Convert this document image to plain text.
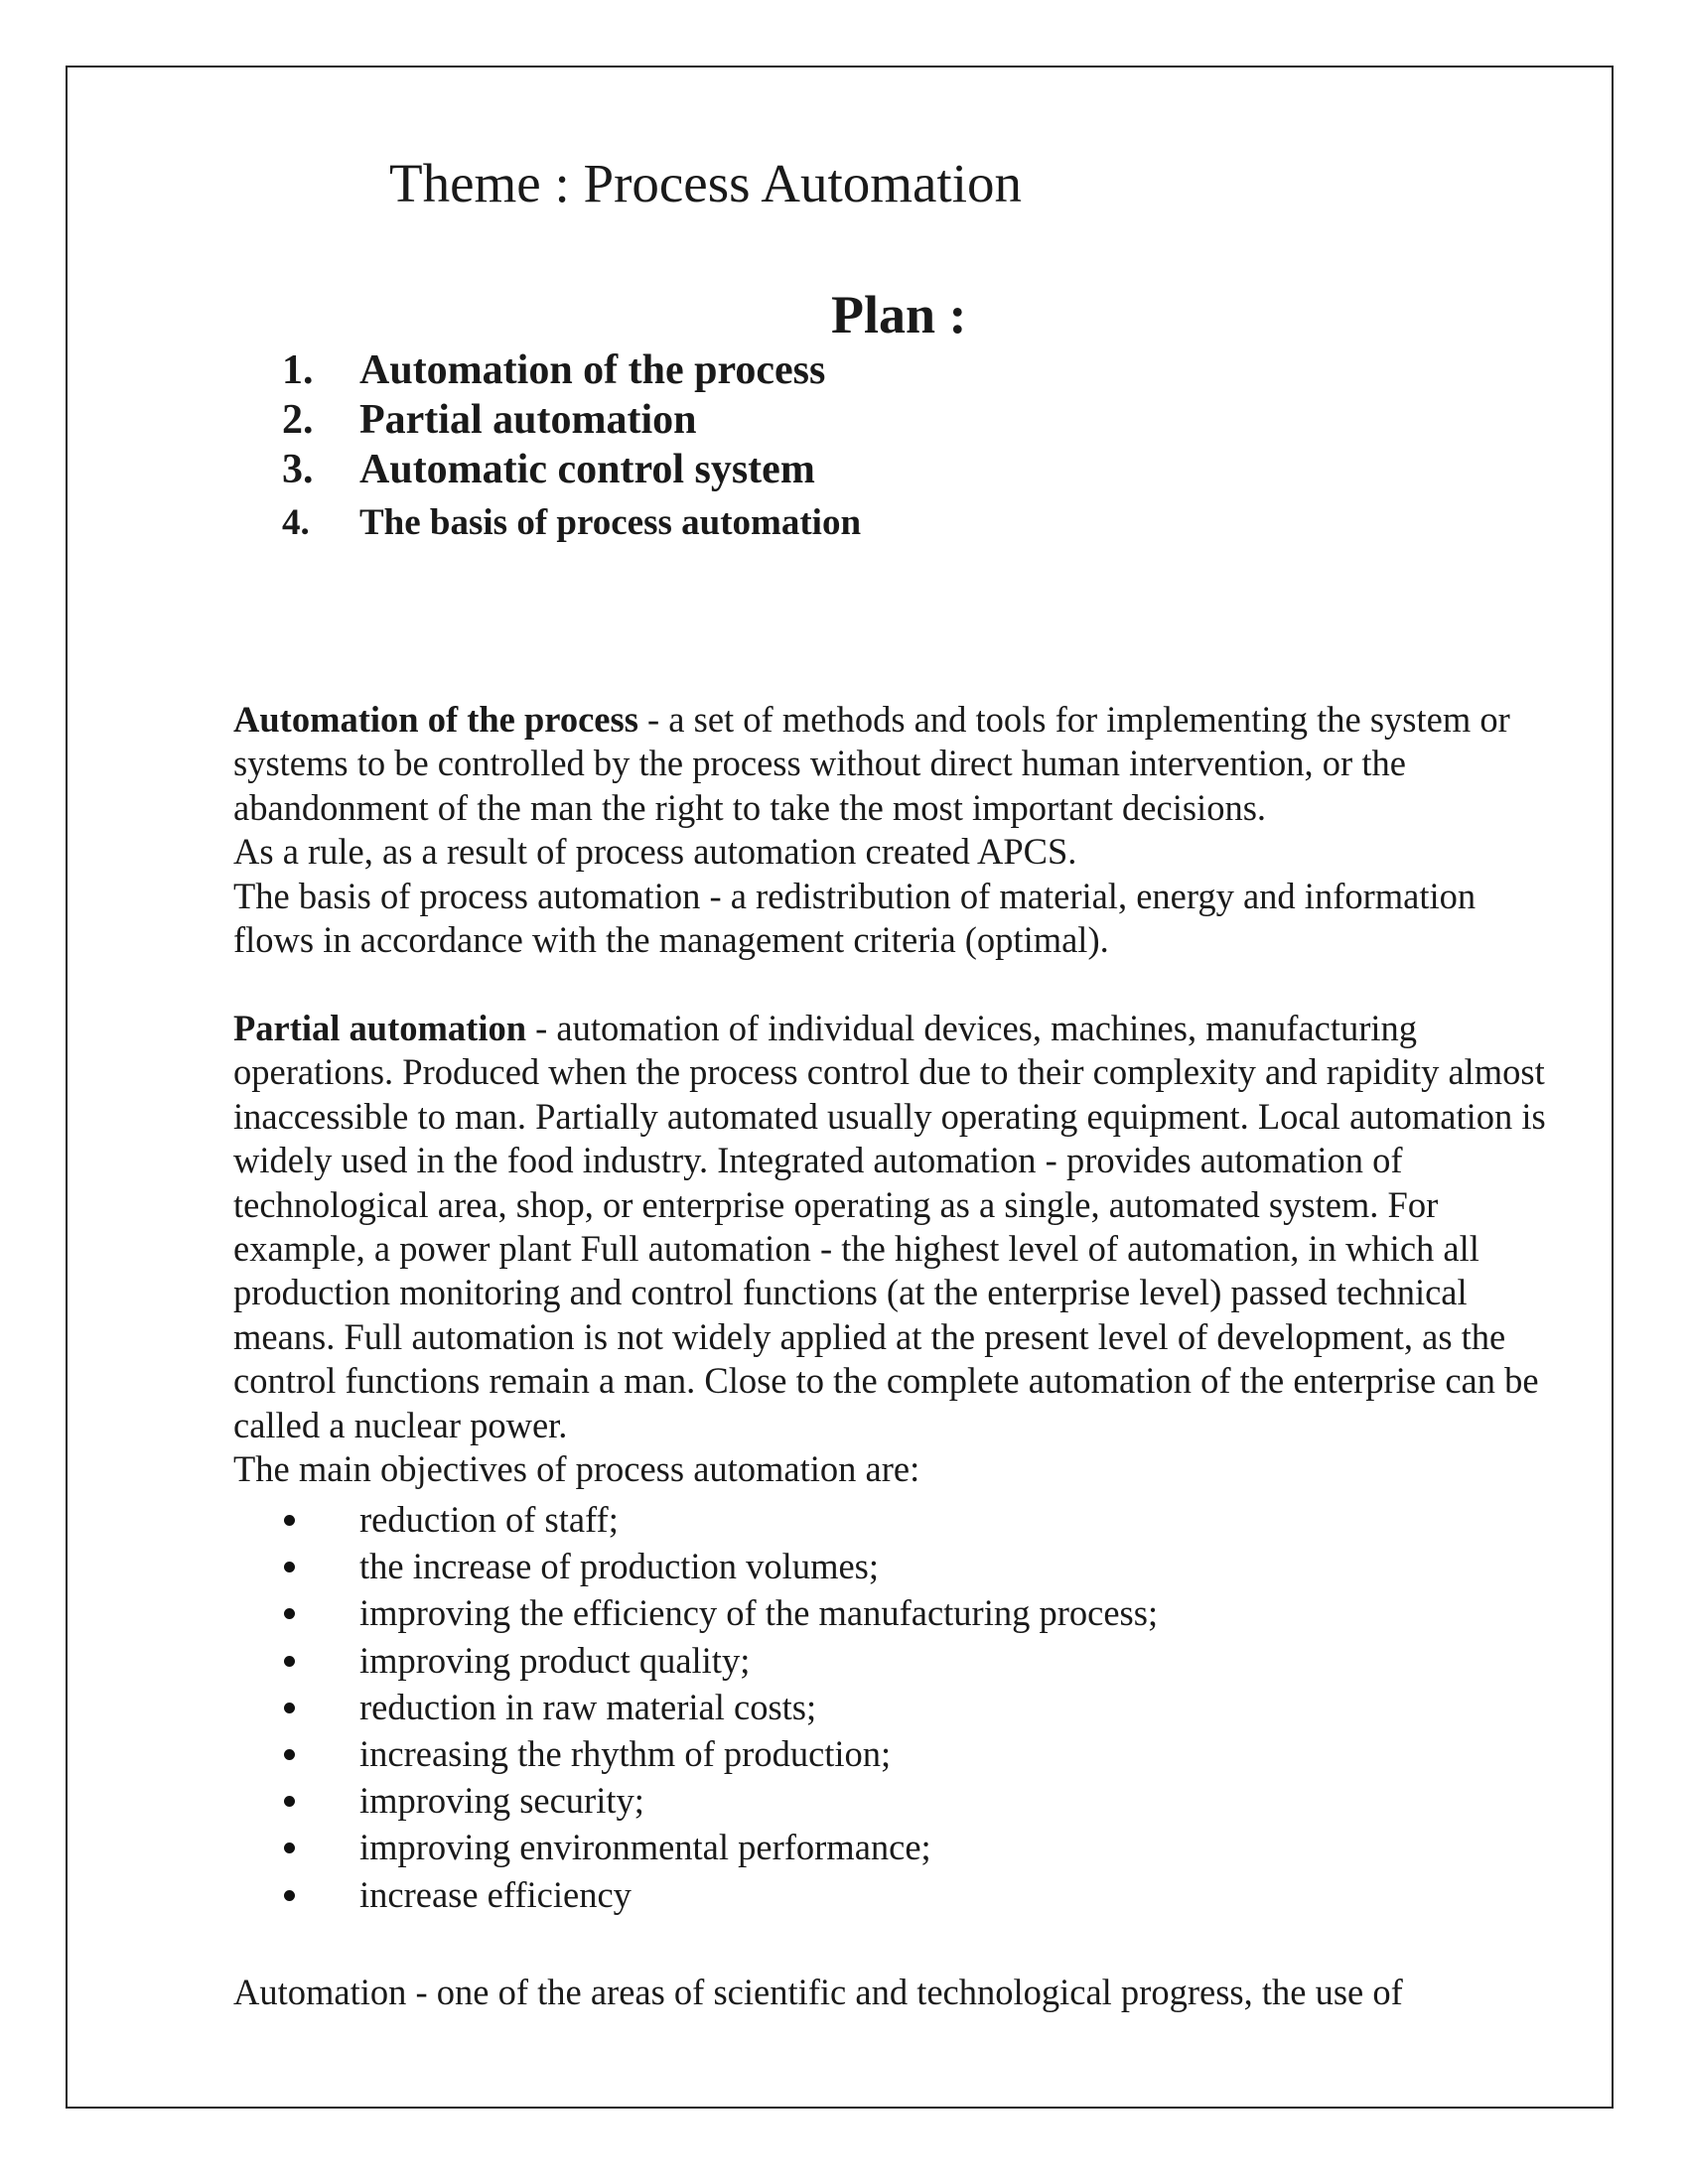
Theme : Process Automation
Plan :
1. Automation of the process
2. Partial automation
3. Automatic control system
4. The basis of process automation

Automation of the process - a set of methods and tools for implementing the system or systems to be controlled by the process without direct human intervention, or the abandonment of the man the right to take the most important decisions.

As a rule, as a result of process automation created APCS.

The basis of process automation - a redistribution of material, energy and information flows in accordance with the management criteria (optimal).

Partial automation - automation of individual devices, machines, manufacturing operations. Produced when the process control due to their complexity and rapidity almost inaccessible to man. Partially automated usually operating equipment. Local automation is widely used in the food industry. Integrated automation - provides automation of technological area, shop, or enterprise operating as a single, automated system. For example, a power plant Full automation - the highest level of automation, in which all production monitoring and control functions (at the enterprise level) passed technical means. Full automation is not widely applied at the present level of development, as the control functions remain a man. Close to the complete automation of the enterprise can be called a nuclear power.

The main objectives of process automation are:

reduction of staff;
the increase of production volumes;
improving the efficiency of the manufacturing process;
improving product quality;
reduction in raw material costs;
increasing the rhythm of production;
improving security;
improving environmental performance;
increase efficiency

Automation - one of the areas of scientific and technological progress, the use of
